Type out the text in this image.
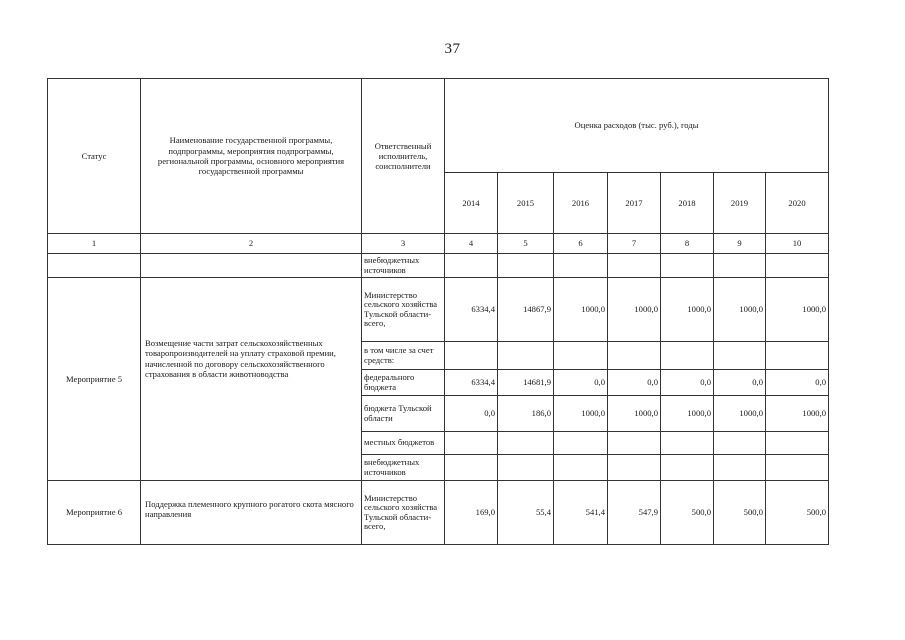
37
Статус	Наименование государственной программы, подпрограммы, мероприятия подпрограммы, региональной программы, основного мероприятия государственной программы	Ответственный исполнитель, соисполнители	Оценка расходов (тыс. руб.), годы						
			2014	2015	2016	2017	2018	2019	2020
1	2	3	4	5	6	7	8	9	10
		внебюджетных источников							
Мероприятие 5	Возмещение части затрат сельскохозяйственных товаропроизводителей на уплату страховой премии, начисленной по договору сельскохозяйственного страхования в области животноводства	Министерство сельского хозяйства Тульской области- всего,	6334,4	14867,9	1000,0	1000,0	1000,0	1000,0	1000,0
		в том числе за счет средств:							
		федерального бюджета	6334,4	14681,9	0,0	0,0	0,0	0,0	0,0
		бюджета Тульской области	0,0	186,0	1000,0	1000,0	1000,0	1000,0	1000,0
		местных бюджетов							
		внебюджетных источников							
Мероприятие 6	Поддержка племенного крупного рогатого скота мясного направления	Министерство сельского хозяйства Тульской области- всего,	169,0	55,4	541,4	547,9	500,0	500,0	500,0
